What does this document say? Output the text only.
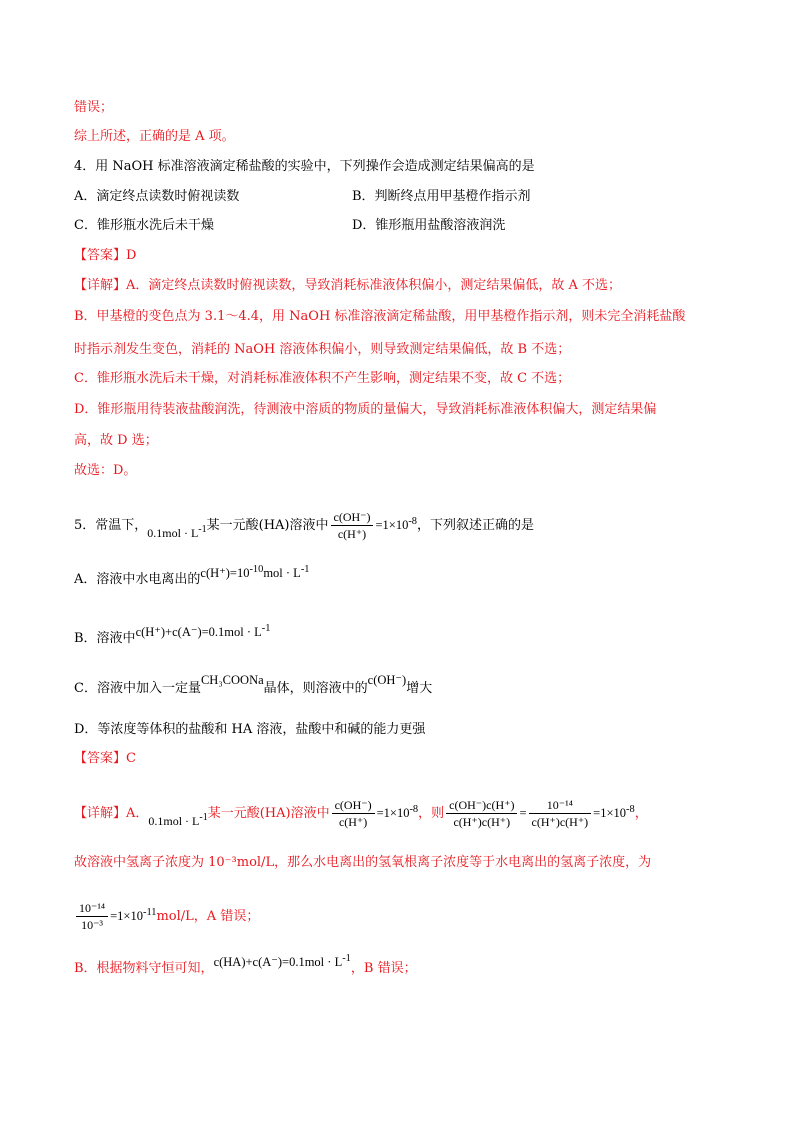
错误；
综上所述，正确的是 A 项。
4．用 NaOH 标准溶液滴定稀盐酸的实验中，下列操作会造成测定结果偏高的是
A．滴定终点读数时俯视读数	B．判断终点用甲基橙作指示剂
C．锥形瓶水洗后未干燥	D．锥形瓶用盐酸溶液润洗
【答案】D
【详解】A．滴定终点读数时俯视读数，导致消耗标准液体积偏小，测定结果偏低，故 A 不选；
B．甲基橙的变色点为 3.1～4.4，用 NaOH 标准溶液滴定稀盐酸，用甲基橙作指示剂，则未完全消耗盐酸
时指示剂发生变色，消耗的 NaOH 溶液体积偏小，则导致测定结果偏低，故 B 不选；
C．锥形瓶水洗后未干燥，对消耗标准液体积不产生影响，测定结果不变，故 C 不选；
D．锥形瓶用待装液盐酸润洗，待测液中溶质的物质的量偏大，导致消耗标准液体积偏大，测定结果偏
高，故 D 选；
故选：D。
5．常温下，$0.1mol \cdot L^{-1}$某一元酸(HA)溶液中 $\frac{c(OH^-)}{c(H^+)} =1\times 10^{-8}$，下列叙述正确的是
A．溶液中水电离出的$c(H^+)=10^{-10}mol \cdot L^{-1}$
B．溶液中$c(H^+)+c(A^-)=0.1mol \cdot L^{-1}$
C．溶液中加入一定量CH₃COONa晶体，则溶液中的c(OH⁻)增大
D．等浓度等体积的盐酸和 HA 溶液，盐酸中和碱的能力更强
【答案】C
【详解】A．$0.1mol \cdot L^{-1}$某一元酸(HA)溶液中 $\frac{c(OH^-)}{c(H^+)} =1\times 10^{-8}$，则 $\frac{c(OH^-)c(H^+)}{c(H^+)c(H^+)} = \frac{\text{10⁻¹⁴}}{c(H^+)c(H^+)} =1\times 10^{-8}$，
故溶液中氢离子浓度为 10⁻³mol/L，那么水电离出的氢氧根离子浓度等于水电离出的氢离子浓度，为
$\frac{\text{10⁻¹⁴}}{\text{10⁻³}} =1\times 10^{-11}mol/L$，A 错误；
B．根据物料守恒可知，$c(HA)+c(A^-)=0.1mol \cdot L^{-1}$，B 错误；
